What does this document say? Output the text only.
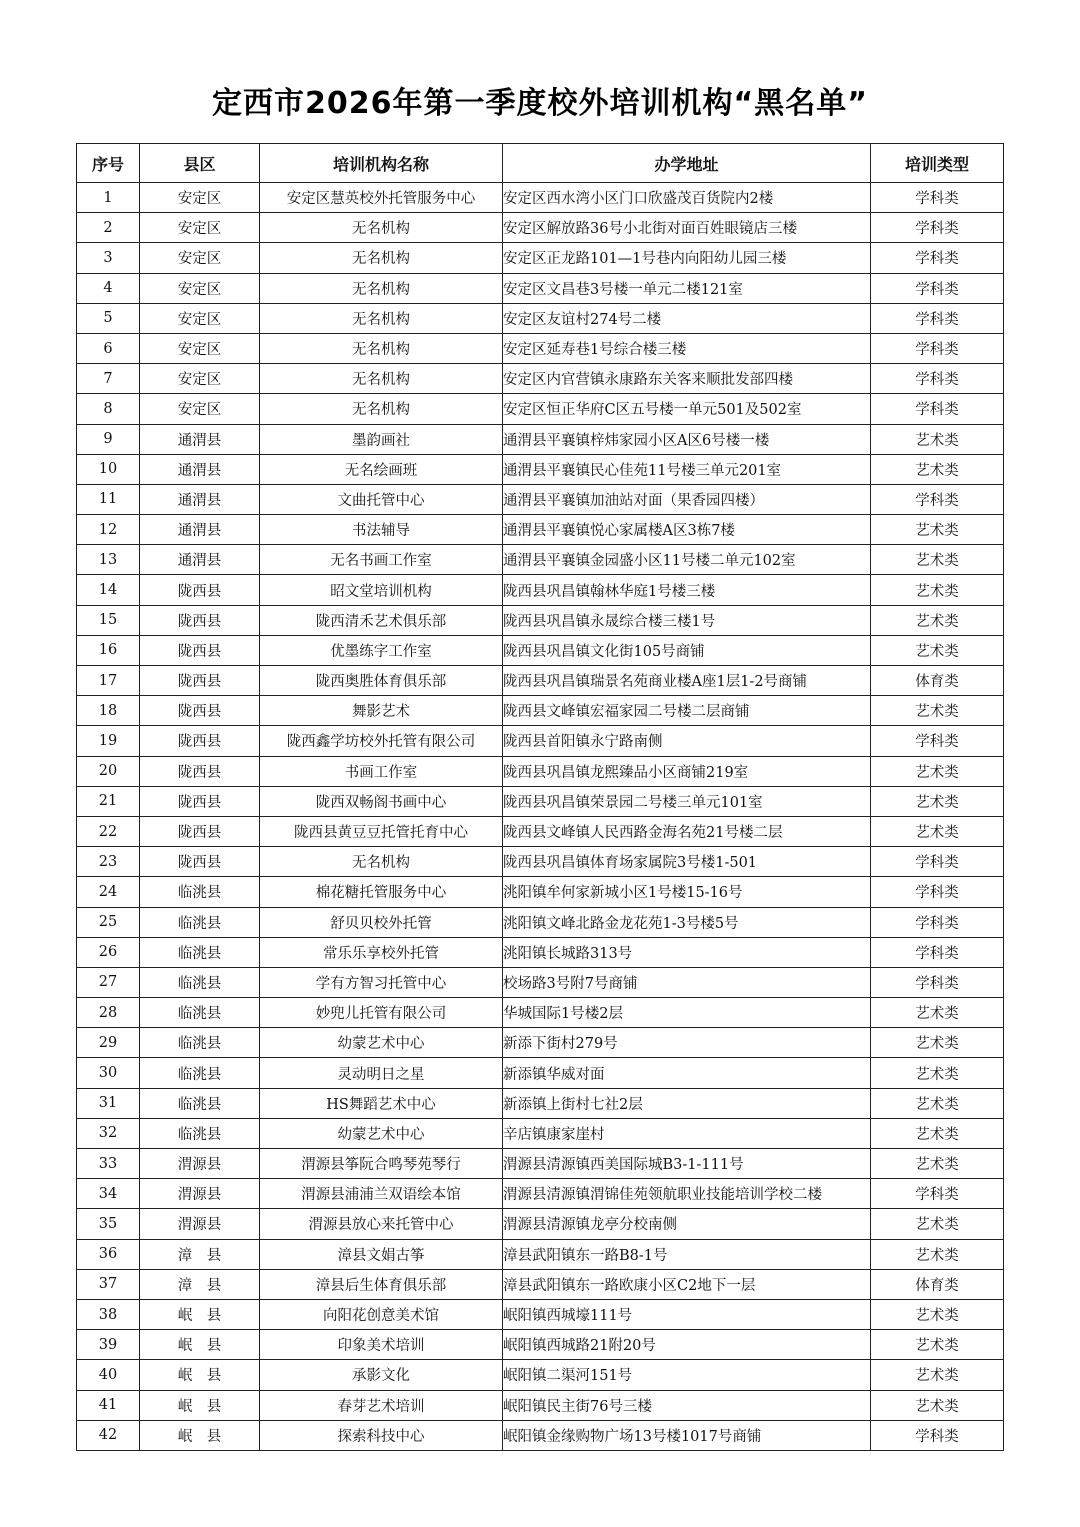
定西市2026年第一季度校外培训机构“黑名单”
序号	县区	培训机构名称	办学地址	培训类型
1	安定区	安定区慧英校外托管服务中心	安定区西水湾小区门口欣盛茂百货院内2楼	学科类
2	安定区	无名机构	安定区解放路36号小北街对面百姓眼镜店三楼	学科类
3	安定区	无名机构	安定区正龙路101—1号巷内向阳幼儿园三楼	学科类
4	安定区	无名机构	安定区文昌巷3号楼一单元二楼121室	学科类
5	安定区	无名机构	安定区友谊村274号二楼	学科类
6	安定区	无名机构	安定区延寿巷1号综合楼三楼	学科类
7	安定区	无名机构	安定区内官营镇永康路东关客来顺批发部四楼	学科类
8	安定区	无名机构	安定区恒正华府C区五号楼一单元501及502室	学科类
9	通渭县	墨韵画社	通渭县平襄镇梓炜家园小区A区6号楼一楼	艺术类
10	通渭县	无名绘画班	通渭县平襄镇民心佳苑11号楼三单元201室	艺术类
11	通渭县	文曲托管中心	通渭县平襄镇加油站对面（果香园四楼）	学科类
12	通渭县	书法辅导	通渭县平襄镇悦心家属楼A区3栋7楼	艺术类
13	通渭县	无名书画工作室	通渭县平襄镇金园盛小区11号楼二单元102室	艺术类
14	陇西县	昭文堂培训机构	陇西县巩昌镇翰林华庭1号楼三楼	艺术类
15	陇西县	陇西清禾艺术俱乐部	陇西县巩昌镇永晟综合楼三楼1号	艺术类
16	陇西县	优墨练字工作室	陇西县巩昌镇文化街105号商铺	艺术类
17	陇西县	陇西奥胜体育俱乐部	陇西县巩昌镇瑞景名苑商业楼A座1层1-2号商铺	体育类
18	陇西县	舞影艺术	陇西县文峰镇宏福家园二号楼二层商铺	艺术类
19	陇西县	陇西鑫学坊校外托管有限公司	陇西县首阳镇永宁路南侧	学科类
20	陇西县	书画工作室	陇西县巩昌镇龙熙臻品小区商铺219室	艺术类
21	陇西县	陇西双畅阁书画中心	陇西县巩昌镇荣景园二号楼三单元101室	艺术类
22	陇西县	陇西县黄豆豆托管托育中心	陇西县文峰镇人民西路金海名苑21号楼二层	艺术类
23	陇西县	无名机构	陇西县巩昌镇体育场家属院3号楼1-501	学科类
24	临洮县	棉花糖托管服务中心	洮阳镇牟何家新城小区1号楼15-16号	学科类
25	临洮县	舒贝贝校外托管	洮阳镇文峰北路金龙花苑1-3号楼5号	学科类
26	临洮县	常乐乐享校外托管	洮阳镇长城路313号	学科类
27	临洮县	学有方智习托管中心	校场路3号附7号商铺	学科类
28	临洮县	妙兜儿托管有限公司	华城国际1号楼2层	艺术类
29	临洮县	幼蒙艺术中心	新添下街村279号	艺术类
30	临洮县	灵动明日之星	新添镇华威对面	艺术类
31	临洮县	HS舞蹈艺术中心	新添镇上街村七社2层	艺术类
32	临洮县	幼蒙艺术中心	辛店镇康家崖村	艺术类
33	渭源县	渭源县筝阮合鸣琴苑琴行	渭源县清源镇西美国际城B3-1-111号	艺术类
34	渭源县	渭源县浦浦兰双语绘本馆	渭源县清源镇渭锦佳苑领航职业技能培训学校二楼	学科类
35	渭源县	渭源县放心来托管中心	渭源县清源镇龙亭分校南侧	艺术类
36	漳　县	漳县文娟古筝	漳县武阳镇东一路B8-1号	艺术类
37	漳　县	漳县后生体育俱乐部	漳县武阳镇东一路欧康小区C2地下一层	体育类
38	岷　县	向阳花创意美术馆	岷阳镇西城壕111号	艺术类
39	岷　县	印象美术培训	岷阳镇西城路21附20号	艺术类
40	岷　县	承影文化	岷阳镇二渠河151号	艺术类
41	岷　县	春芽艺术培训	岷阳镇民主街76号三楼	艺术类
42	岷　县	探索科技中心	岷阳镇金缘购物广场13号楼1017号商铺	学科类
